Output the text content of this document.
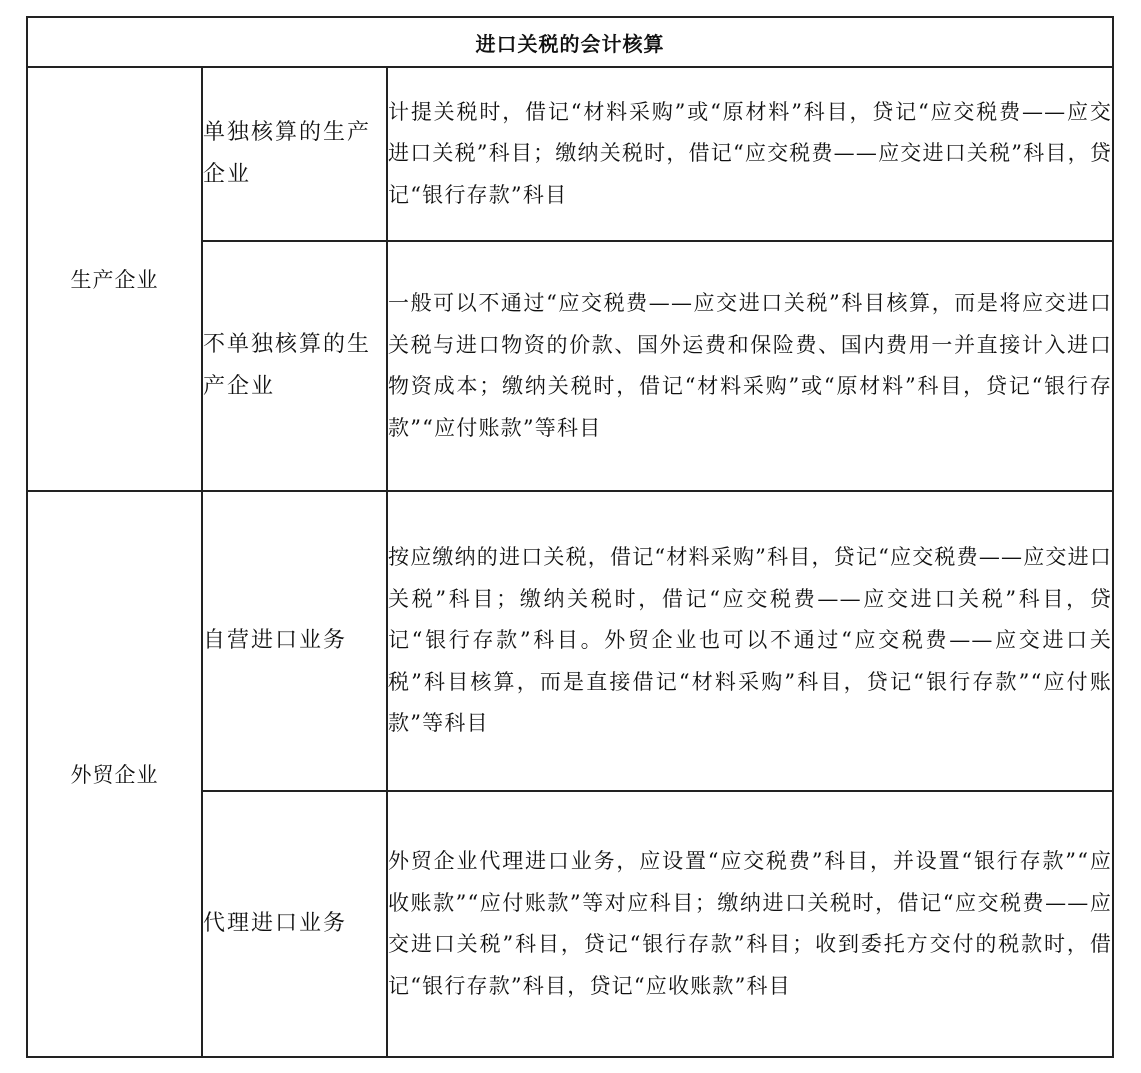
进口关税的会计核算		
生产企业	单独核算的生产企业	计提关税时，借记“材料采购”或“原材料”科目，贷记“应交税费——应交进口关税”科目；缴纳关税时，借记“应交税费——应交进口关税”科目，贷记“银行存款”科目
	不单独核算的生产企业	一般可以不通过“应交税费——应交进口关税”科目核算，而是将应交进口关税与进口物资的价款、国外运费和保险费、国内费用一并直接计入进口物资成本；缴纳关税时，借记“材料采购”或“原材料”科目，贷记“银行存款”“应付账款”等科目
外贸企业	自营进口业务	按应缴纳的进口关税，借记“材料采购”科目，贷记“应交税费——应交进口关税”科目；缴纳关税时，借记“应交税费——应交进口关税”科目，贷记“银行存款”科目。外贸企业也可以不通过“应交税费——应交进口关税”科目核算，而是直接借记“材料采购”科目，贷记“银行存款”“应付账款”等科目
	代理进口业务	外贸企业代理进口业务，应设置“应交税费”科目，并设置“银行存款”“应收账款”“应付账款”等对应科目；缴纳进口关税时，借记“应交税费——应交进口关税”科目，贷记“银行存款”科目；收到委托方交付的税款时，借记“银行存款”科目，贷记“应收账款”科目
